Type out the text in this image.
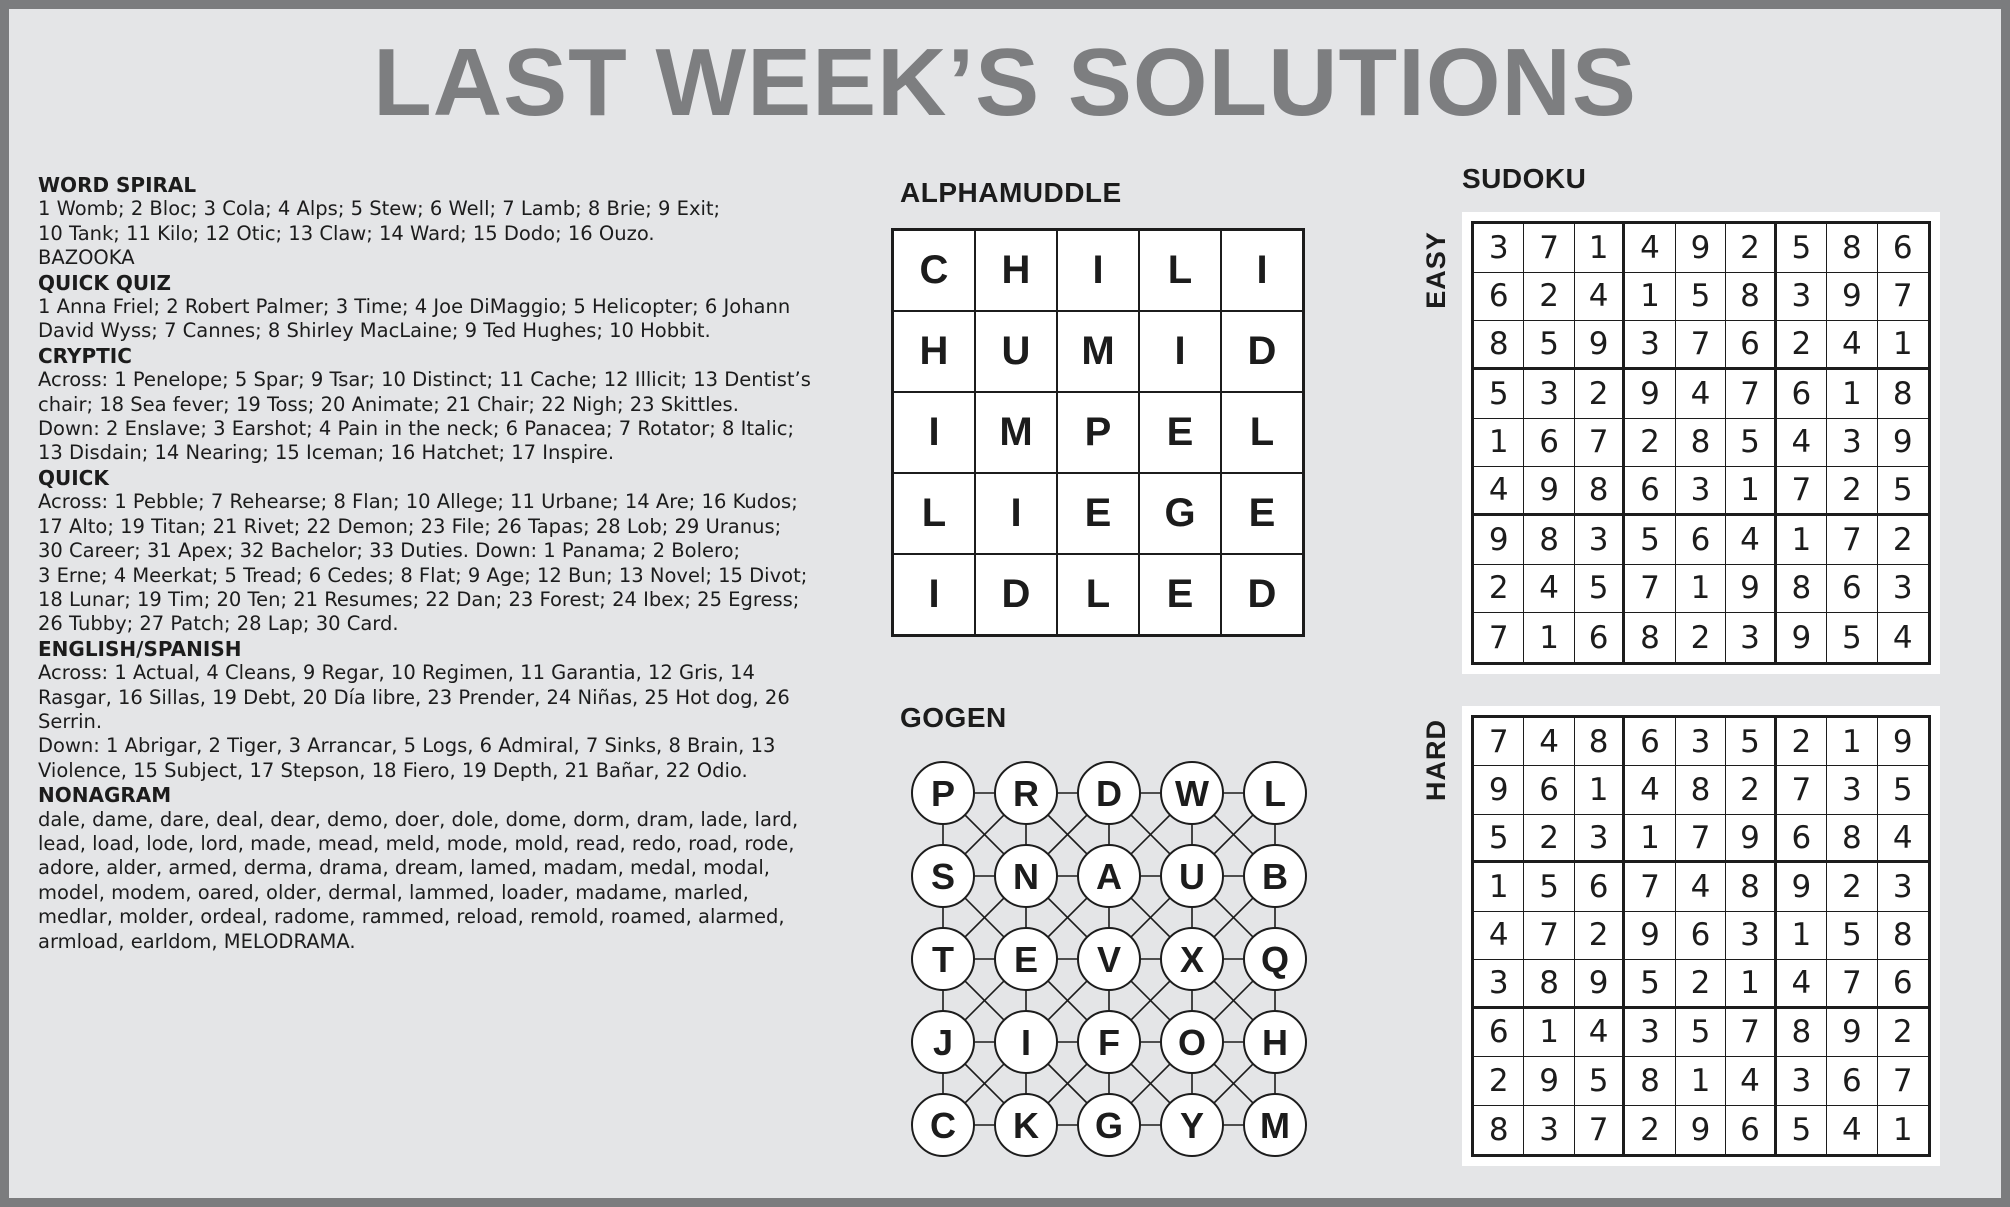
LAST WEEK’S SOLUTIONS

WORD SPIRAL

1 Womb; 2 Bloc; 3 Cola; 4 Alps; 5 Stew; 6 Well; 7 Lamb; 8 Brie; 9 Exit;

10 Tank; 11 Kilo; 12 Otic; 13 Claw; 14 Ward; 15 Dodo; 16 Ouzo.

BAZOOKA

QUICK QUIZ

1 Anna Friel; 2 Robert Palmer; 3 Time; 4 Joe DiMaggio; 5 Helicopter; 6 Johann

David Wyss; 7 Cannes; 8 Shirley MacLaine; 9 Ted Hughes; 10 Hobbit.

CRYPTIC

Across: 1 Penelope; 5 Spar; 9 Tsar; 10 Distinct; 11 Cache; 12 Illicit; 13 Dentist’s

chair; 18 Sea fever; 19 Toss; 20 Animate; 21 Chair; 22 Nigh; 23 Skittles.

Down: 2 Enslave; 3 Earshot; 4 Pain in the neck; 6 Panacea; 7 Rotator; 8 Italic;

13 Disdain; 14 Nearing; 15 Iceman; 16 Hatchet; 17 Inspire.

QUICK

Across: 1 Pebble; 7 Rehearse; 8 Flan; 10 Allege; 11 Urbane; 14 Are; 16 Kudos;

17 Alto; 19 Titan; 21 Rivet; 22 Demon; 23 File; 26 Tapas; 28 Lob; 29 Uranus;

30 Career; 31 Apex; 32 Bachelor; 33 Duties. Down: 1 Panama; 2 Bolero;

3 Erne; 4 Meerkat; 5 Tread; 6 Cedes; 8 Flat; 9 Age; 12 Bun; 13 Novel; 15 Divot;

18 Lunar; 19 Tim; 20 Ten; 21 Resumes; 22 Dan; 23 Forest; 24 Ibex; 25 Egress;

26 Tubby; 27 Patch; 28 Lap; 30 Card.

ENGLISH/SPANISH

Across: 1 Actual, 4 Cleans, 9 Regar, 10 Regimen, 11 Garantia, 12 Gris, 14

Rasgar, 16 Sillas, 19 Debt, 20 Día libre, 23 Prender, 24 Niñas, 25 Hot dog, 26

Serrin.

Down: 1 Abrigar, 2 Tiger, 3 Arrancar, 5 Logs, 6 Admiral, 7 Sinks, 8 Brain, 13

Violence, 15 Subject, 17 Stepson, 18 Fiero, 19 Depth, 21 Bañar, 22 Odio.

NONAGRAM

dale, dame, dare, deal, dear, demo, doer, dole, dome, dorm, dram, lade, lard,

lead, load, lode, lord, made, mead, meld, mode, mold, read, redo, road, rode,

adore, alder, armed, derma, drama, dream, lamed, madam, medal, modal,

model, modem, oared, older, dermal, lammed, loader, madame, marled,

medlar, molder, ordeal, radome, rammed, reload, remold, roamed, alarmed,

armload, earldom, MELODRAMA.

ALPHAMUDDLE
C	H	I	L	I
H	U	M	I	D
I	M	P	E	L
L	I	E	G	E
I	D	L	E	D
GOGEN
P R D W L
S N A U B
T E V X Q
J I F O H
C K G Y M
SUDOKU
EASY	3 7 1	4 9 2	5 8	6
6 2 4	1 5 8	3 9	7
8 5 9	3 7 6	2 4	1
5 3 2	9 4 7	6 1	8
1 6 7	2 8 5	4 3	9
4 9 8	6 3 1	7 2	5
9 8 3	5 6 4	1 7	2
2 4 5	7 1 9	8 6	3
7 1 6	8 2 3	9 5	4
HARD	7 4 8	6 3 5	2 1	9
9 6 1	4 8 2	7 3	5
5 2 3	1 7 9	6 8	4
1 5 6	7 4 8	9 2	3
4 7 2	9 6 3	1 5	8
3 8 9	5 2 1	4 7	6
6 1 4	3 5 7	8 9	2
2 9 5	8 1 4	3 6	7
8 3 7	2 9 6	5 4	1
